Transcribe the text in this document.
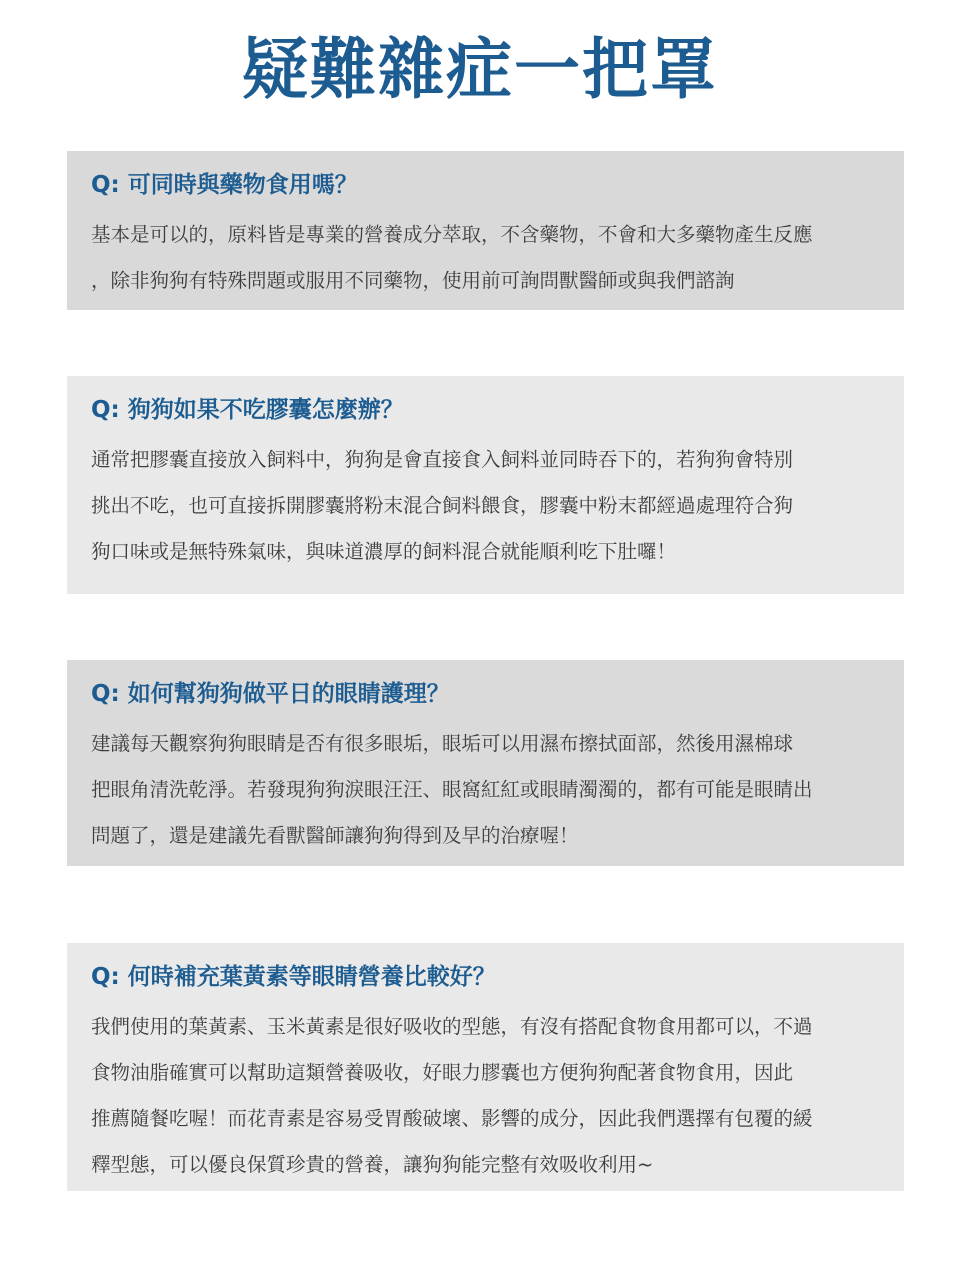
疑難雜症一把罩
Q: 可同時與藥物食用嗎？
基本是可以的，原料皆是專業的營養成分萃取，不含藥物，不會和大多藥物產生反應
，除非狗狗有特殊問題或服用不同藥物，使用前可詢問獸醫師或與我們諮詢
Q: 狗狗如果不吃膠囊怎麼辦？
通常把膠囊直接放入飼料中，狗狗是會直接食入飼料並同時吞下的，若狗狗會特別
挑出不吃，也可直接拆開膠囊將粉末混合飼料餵食，膠囊中粉末都經過處理符合狗
狗口味或是無特殊氣味，與味道濃厚的飼料混合就能順利吃下肚囉！
Q: 如何幫狗狗做平日的眼睛護理？
建議每天觀察狗狗眼睛是否有很多眼垢，眼垢可以用濕布擦拭面部，然後用濕棉球
把眼角清洗乾淨。若發現狗狗淚眼汪汪、眼窩紅紅或眼睛濁濁的，都有可能是眼睛出
問題了，還是建議先看獸醫師讓狗狗得到及早的治療喔！
Q: 何時補充葉黃素等眼睛營養比較好？
我們使用的葉黃素、玉米黃素是很好吸收的型態，有沒有搭配食物食用都可以，不過
食物油脂確實可以幫助這類營養吸收，好眼力膠囊也方便狗狗配著食物食用，因此
推薦隨餐吃喔！而花青素是容易受胃酸破壞、影響的成分，因此我們選擇有包覆的緩
釋型態，可以優良保質珍貴的營養，讓狗狗能完整有效吸收利用~
